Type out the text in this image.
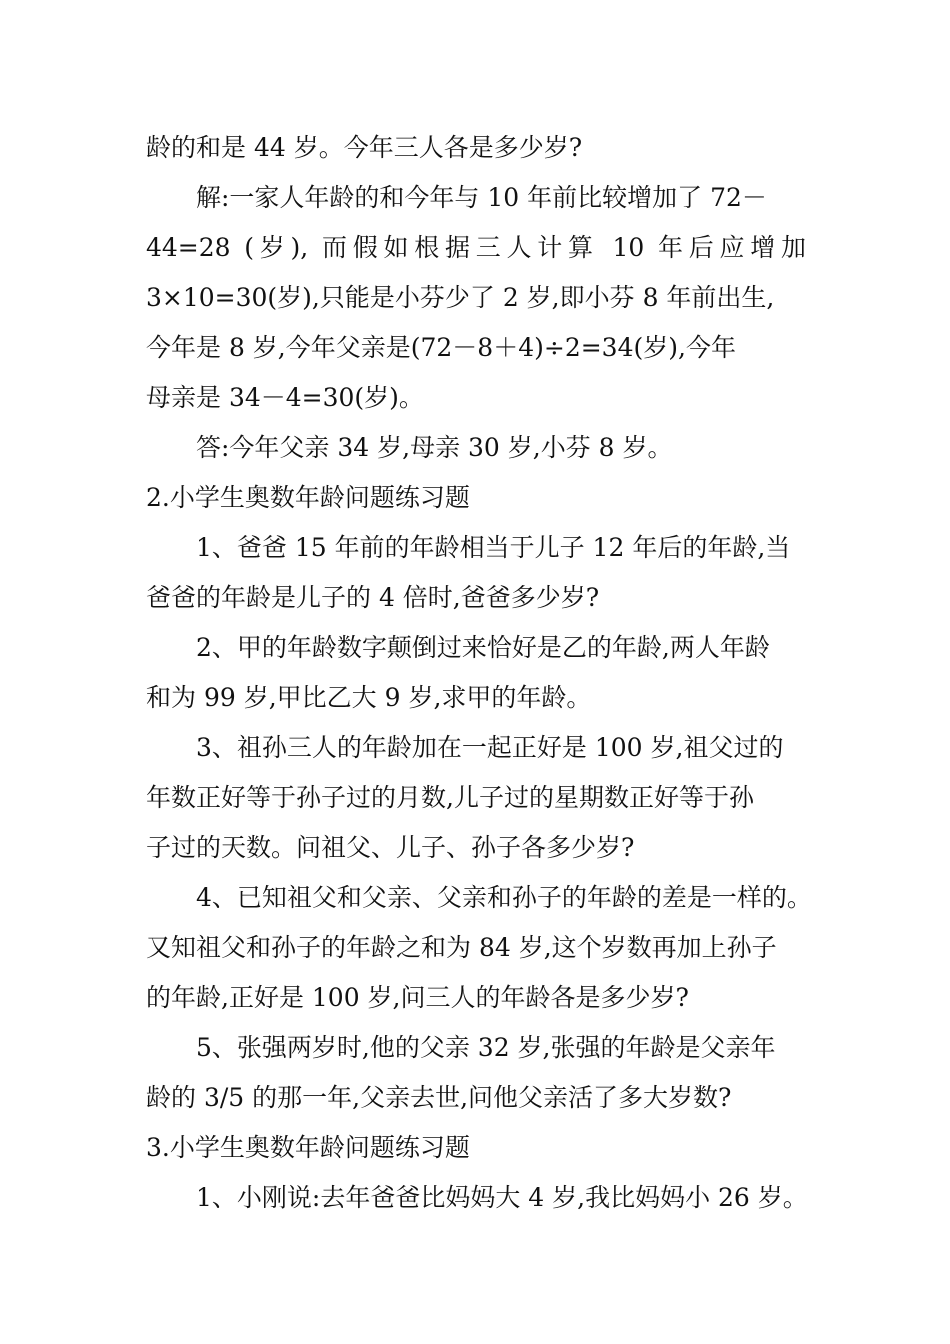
龄的和是 44 岁。今年三人各是多少岁?
解:一家人年龄的和今年与 10 年前比较增加了 72－
44=28 (岁), 而假如根据三人计算 10 年后应增加
3×10=30(岁),只能是小芬少了 2 岁,即小芬 8 年前出生,
今年是 8 岁,今年父亲是(72－8＋4)÷2=34(岁),今年
母亲是 34－4=30(岁)。
答:今年父亲 34 岁,母亲 30 岁,小芬 8 岁。
2.小学生奥数年龄问题练习题
1、爸爸 15 年前的年龄相当于儿子 12 年后的年龄,当
爸爸的年龄是儿子的 4 倍时,爸爸多少岁?
2、甲的年龄数字颠倒过来恰好是乙的年龄,两人年龄
和为 99 岁,甲比乙大 9 岁,求甲的年龄。
3、祖孙三人的年龄加在一起正好是 100 岁,祖父过的
年数正好等于孙子过的月数,儿子过的星期数正好等于孙
子过的天数。问祖父、儿子、孙子各多少岁?
4、已知祖父和父亲、父亲和孙子的年龄的差是一样的。
又知祖父和孙子的年龄之和为 84 岁,这个岁数再加上孙子
的年龄,正好是 100 岁,问三人的年龄各是多少岁?
5、张强两岁时,他的父亲 32 岁,张强的年龄是父亲年
龄的 3/5 的那一年,父亲去世,问他父亲活了多大岁数?
3.小学生奥数年龄问题练习题
1、小刚说:去年爸爸比妈妈大 4 岁,我比妈妈小 26 岁。
